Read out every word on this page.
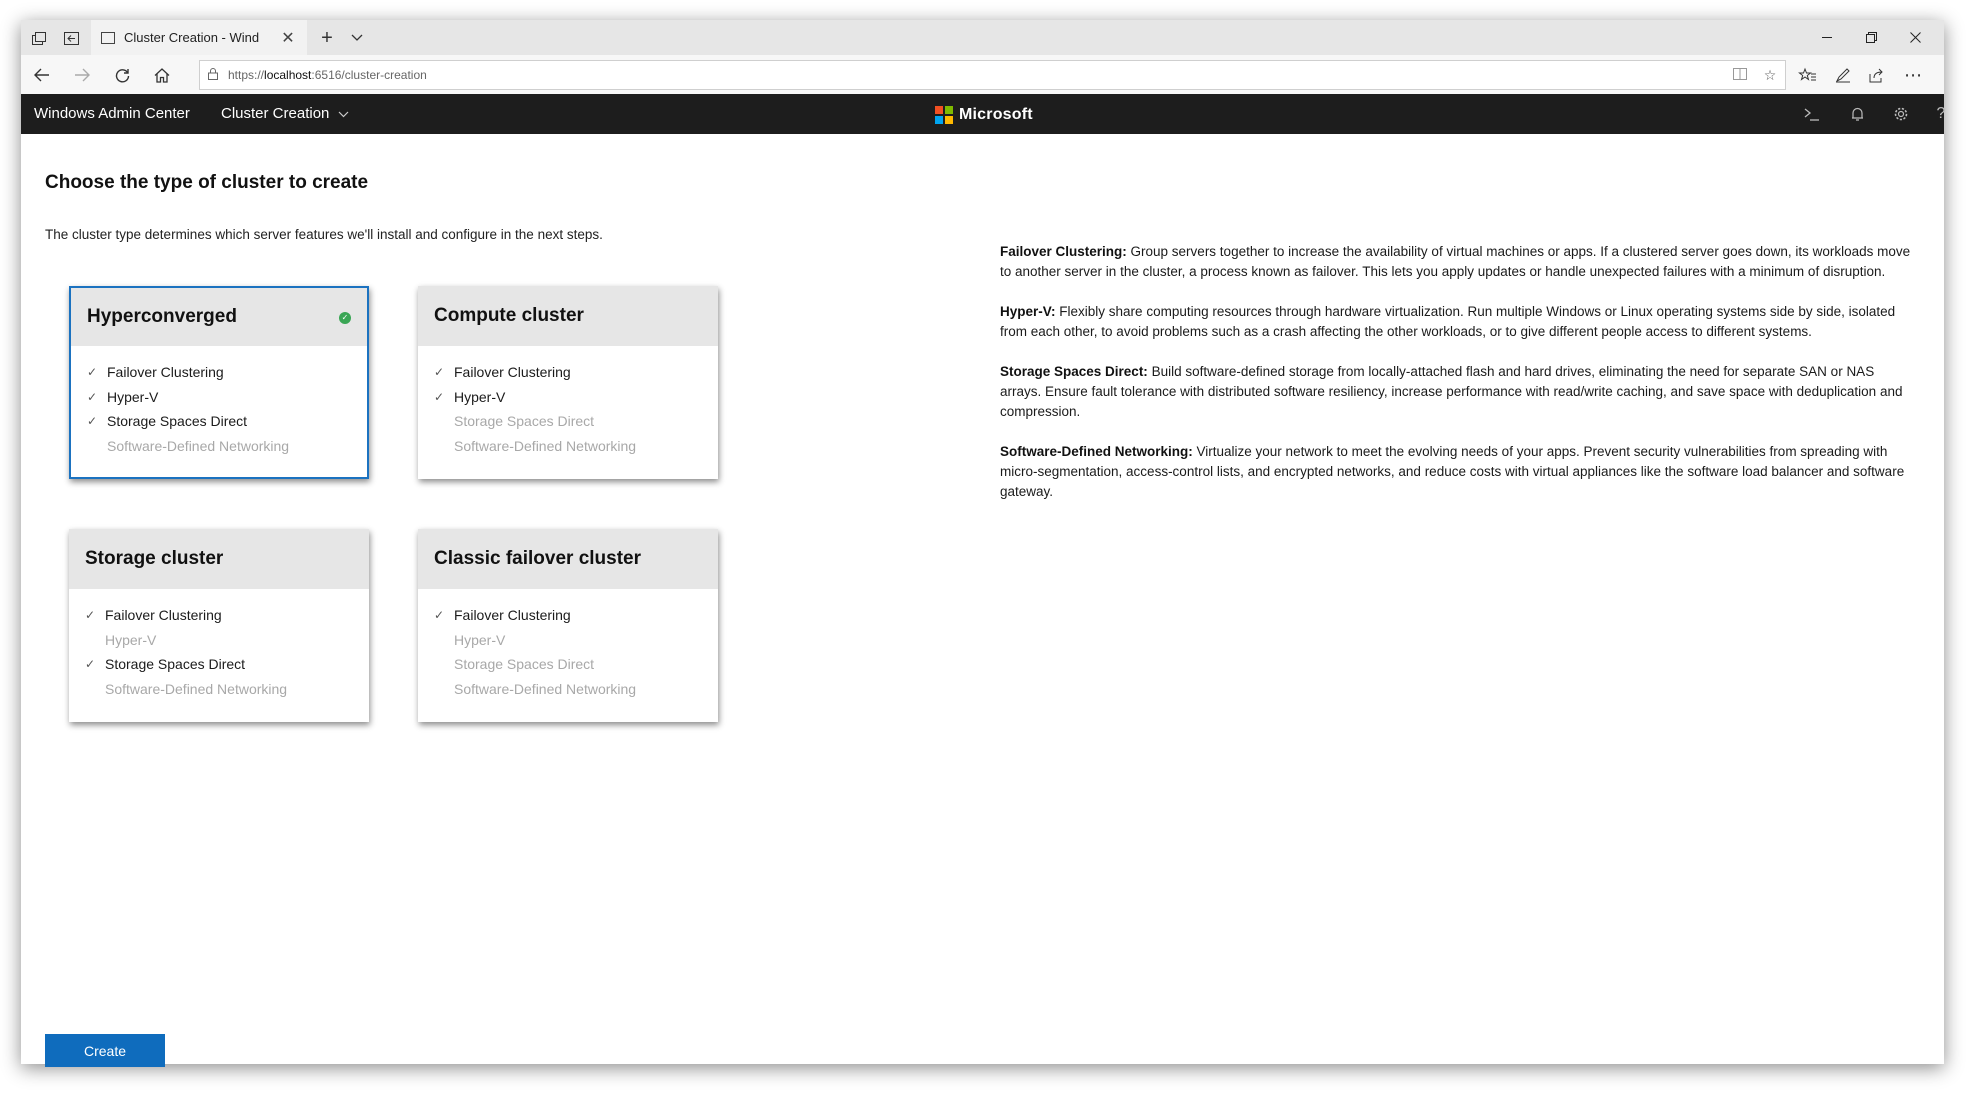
Cluster Creation - Wind	✕	+
https://localhost:6516/cluster-creation	☆	⋯
Windows Admin Center Cluster Creation	Microsoft	?
Choose the type of cluster to create

The cluster type determines which server features we'll install and configure in the next steps.

Hyperconverged	✓
✓ Failover Clustering
✓ Hyper-V
✓ Storage Spaces Direct
Software-Defined Networking
Compute cluster
✓ Failover Clustering
✓ Hyper-V
Storage Spaces Direct
Software-Defined Networking
Storage cluster
✓ Failover Clustering
Hyper-V
✓ Storage Spaces Direct
Software-Defined Networking
Classic failover cluster
✓ Failover Clustering
Hyper-V
Storage Spaces Direct
Software-Defined Networking

Failover Clustering: Group servers together to increase the availability of virtual machines or apps. If a clustered server goes down, its workloads move to another server in the cluster, a process known as failover. This lets you apply updates or handle unexpected failures with a minimum of disruption.

Hyper-V: Flexibly share computing resources through hardware virtualization. Run multiple Windows or Linux operating systems side by side, isolated from each other, to avoid problems such as a crash affecting the other workloads, or to give different people access to different systems.

Storage Spaces Direct: Build software-defined storage from locally-attached flash and hard drives, eliminating the need for separate SAN or NAS arrays. Ensure fault tolerance with distributed software resiliency, increase performance with read/write caching, and save space with deduplication and compression.

Software-Defined Networking: Virtualize your network to meet the evolving needs of your apps. Prevent security vulnerabilities from spreading with micro-segmentation, access-control lists, and encrypted networks, and reduce costs with virtual appliances like the software load balancer and software gateway.

Create
